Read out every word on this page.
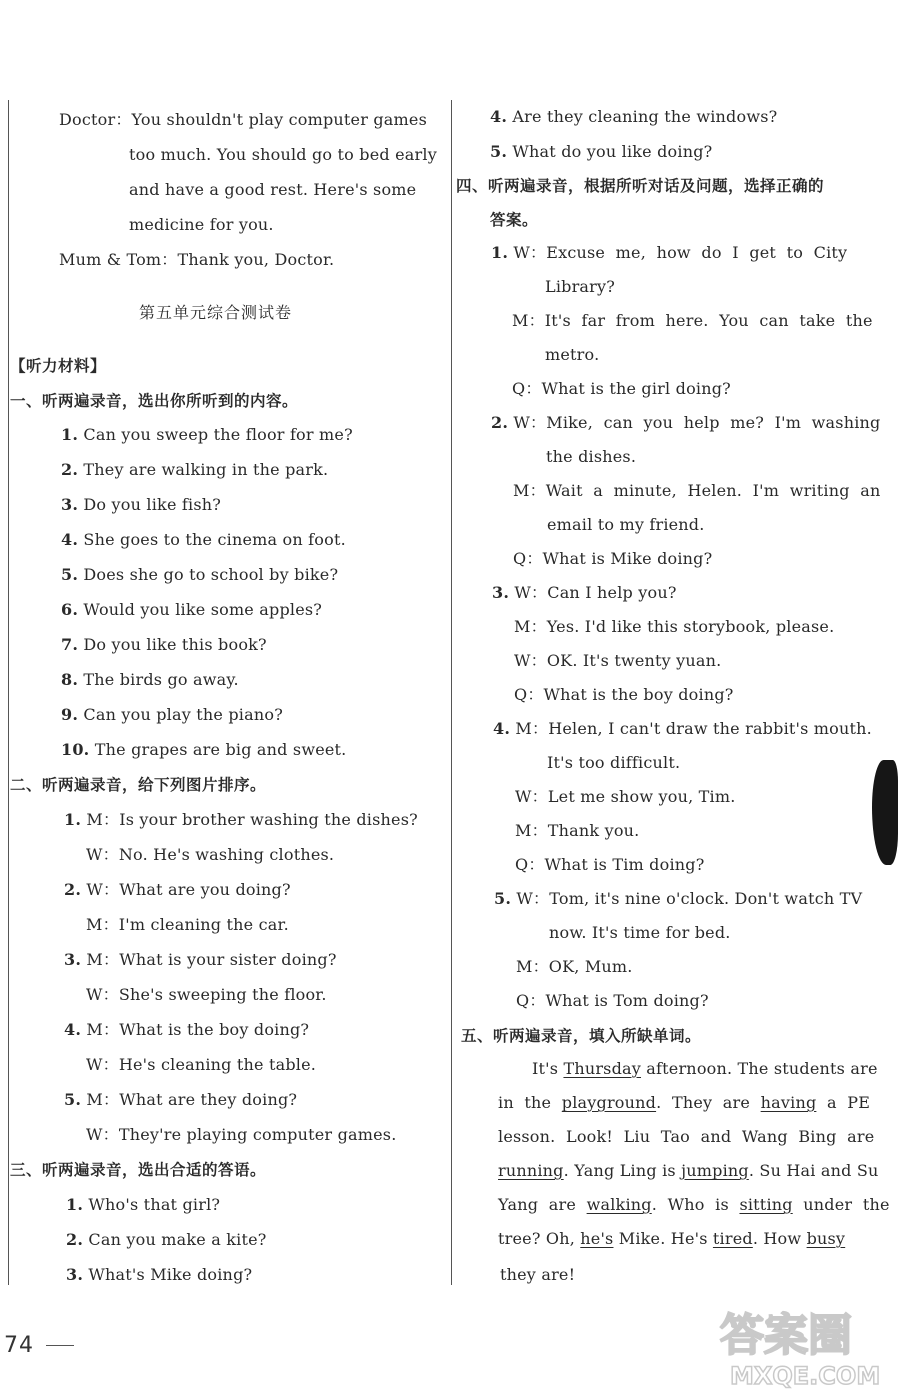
Doctor：You shouldn't play computer games
too much. You should go to bed early
and have a good rest. Here's some
medicine for you.
Mum & Tom：Thank you, Doctor.
第五单元综合测试卷
【听力材料】
一、听两遍录音，选出你所听到的内容。
1. Can you sweep the floor for me?
2. They are walking in the park.
3. Do you like fish?
4. She goes to the cinema on foot.
5. Does she go to school by bike?
6. Would you like some apples?
7. Do you like this book?
8. The birds go away.
9. Can you play the piano?
10. The grapes are big and sweet.
二、听两遍录音，给下列图片排序。
1. M：Is your brother washing the dishes?
W：No. He's washing clothes.
2. W：What are you doing?
M：I'm cleaning the car.
3. M：What is your sister doing?
W：She's sweeping the floor.
4. M：What is the boy doing?
W：He's cleaning the table.
5. M：What are they doing?
W：They're playing computer games.
三、听两遍录音，选出合适的答语。
1. Who's that girl?
2. Can you make a kite?
3. What's Mike doing?
4. Are they cleaning the windows?
5. What do you like doing?
四、听两遍录音，根据所听对话及问题，选择正确的
答案。
1. W：Excuse  me,  how  do  I  get  to  City
Library?
M：It's  far  from  here.  You  can  take  the
metro.
Q：What is the girl doing?
2. W：Mike,  can  you  help  me?  I'm  washing
the dishes.
M：Wait  a  minute,  Helen.  I'm  writing  an
email to my friend.
Q：What is Mike doing?
3. W：Can I help you?
M：Yes. I'd like this storybook, please.
W：OK. It's twenty yuan.
Q：What is the boy doing?
4. M：Helen, I can't draw the rabbit's mouth.
It's too difficult.
W：Let me show you, Tim.
M：Thank you.
Q：What is Tim doing?
5. W：Tom, it's nine o'clock. Don't watch TV
now. It's time for bed.
M：OK, Mum.
Q：What is Tom doing?
五、听两遍录音，填入所缺单词。
It's Thursday afternoon. The students are
in  the  playground.  They  are  having  a  PE
lesson.  Look!  Liu  Tao  and  Wang  Bing  are
running. Yang Ling is jumping. Su Hai and Su
Yang  are  walking.  Who  is  sitting  under  the
tree? Oh, he's Mike. He's tired. How busy
they are!
74	答案圈
MXQE.COM
